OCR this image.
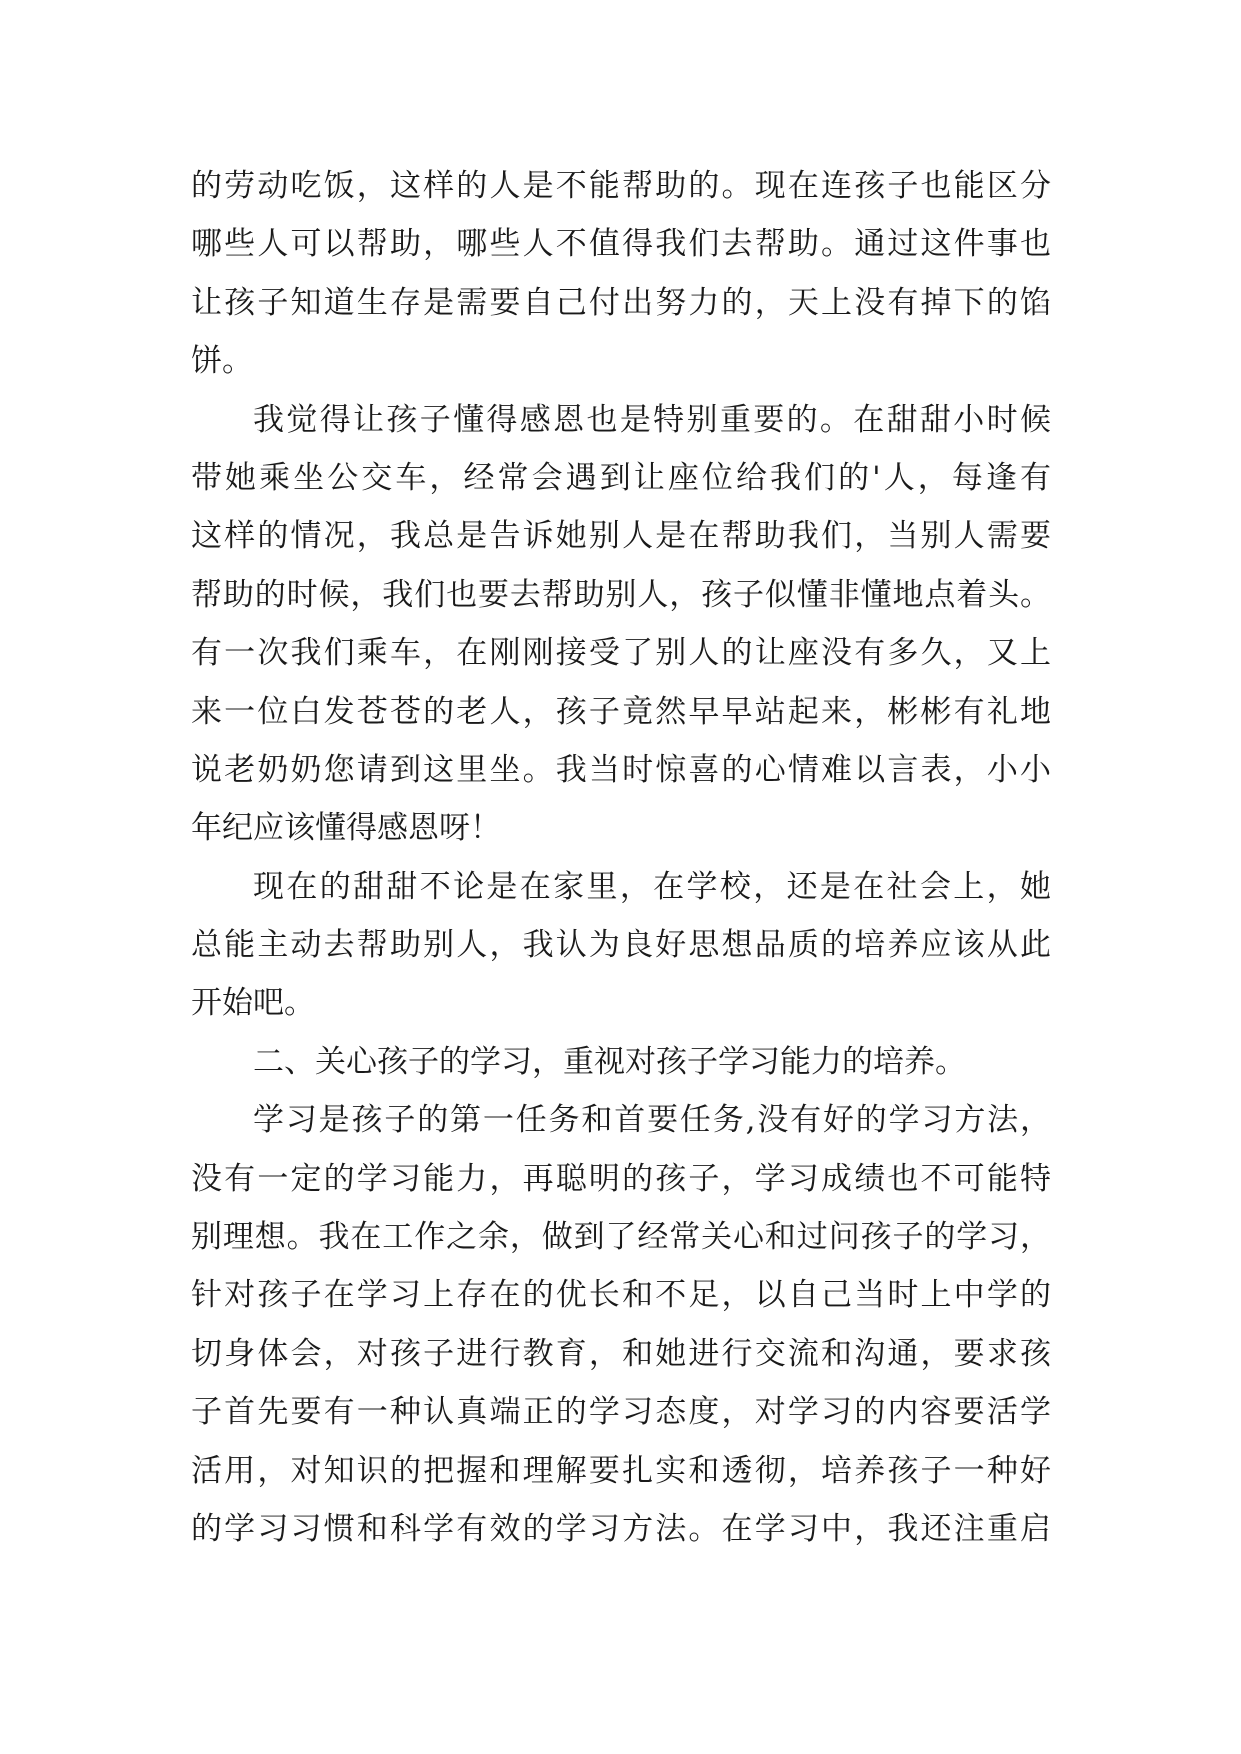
的劳动吃饭，这样的人是不能帮助的。现在连孩子也能区分
哪些人可以帮助，哪些人不值得我们去帮助。通过这件事也
让孩子知道生存是需要自己付出努力的，天上没有掉下的馅
饼。
我觉得让孩子懂得感恩也是特别重要的。在甜甜小时候
带她乘坐公交车，经常会遇到让座位给我们的'人，每逢有
这样的情况，我总是告诉她别人是在帮助我们，当别人需要
帮助的时候，我们也要去帮助别人，孩子似懂非懂地点着头。
有一次我们乘车，在刚刚接受了别人的让座没有多久，又上
来一位白发苍苍的老人，孩子竟然早早站起来，彬彬有礼地
说老奶奶您请到这里坐。我当时惊喜的心情难以言表，小小
年纪应该懂得感恩呀！
现在的甜甜不论是在家里，在学校，还是在社会上，她
总能主动去帮助别人，我认为良好思想品质的培养应该从此
开始吧。
二、关心孩子的学习，重视对孩子学习能力的培养。
学习是孩子的第一任务和首要任务,没有好的学习方法，
没有一定的学习能力，再聪明的孩子，学习成绩也不可能特
别理想。我在工作之余，做到了经常关心和过问孩子的学习，
针对孩子在学习上存在的优长和不足，以自己当时上中学的
切身体会，对孩子进行教育，和她进行交流和沟通，要求孩
子首先要有一种认真端正的学习态度，对学习的内容要活学
活用，对知识的把握和理解要扎实和透彻，培养孩子一种好
的学习习惯和科学有效的学习方法。在学习中，我还注重启
